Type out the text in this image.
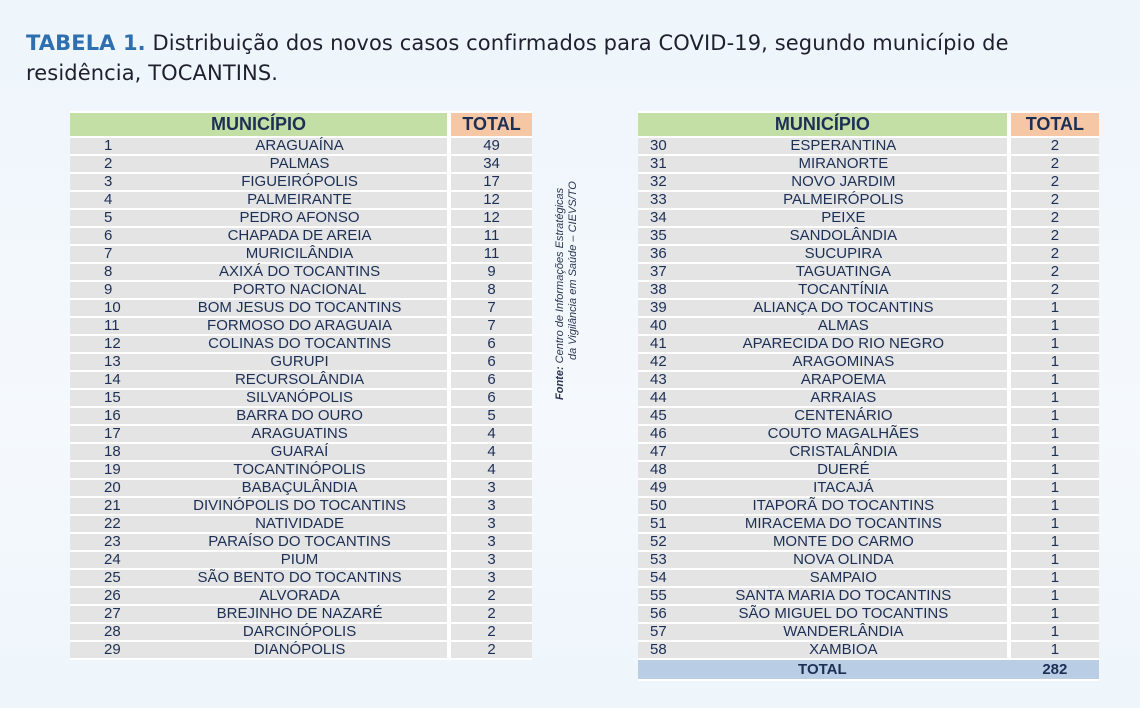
TABELA 1. Distribuição dos novos casos confirmados para COVID-19, segundo município de residência, TOCANTINS.
MUNICÍPIO			TOTAL
1	ARAGUAÍNA		49
2	PALMAS		34
3	FIGUEIRÓPOLIS		17
4	PALMEIRANTE		12
5	PEDRO AFONSO		12
6	CHAPADA DE AREIA		11
7	MURICILÂNDIA		11
8	AXIXÁ DO TOCANTINS		9
9	PORTO NACIONAL		8
10	BOM JESUS DO TOCANTINS		7
11	FORMOSO DO ARAGUAIA		7
12	COLINAS DO TOCANTINS		6
13	GURUPI		6
14	RECURSOLÂNDIA		6
15	SILVANÓPOLIS		6
16	BARRA DO OURO		5
17	ARAGUATINS		4
18	GUARAÍ		4
19	TOCANTINÓPOLIS		4
20	BABAÇULÂNDIA		3
21	DIVINÓPOLIS DO TOCANTINS		3
22	NATIVIDADE		3
23	PARAÍSO DO TOCANTINS		3
24	PIUM		3
25	SÃO BENTO DO TOCANTINS		3
26	ALVORADA		2
27	BREJINHO DE NAZARÉ		2
28	DARCINÓPOLIS		2
29	DIANÓPOLIS		2
Fonte: Centro de Informações Estratégicas
da Vigilância em Saúde – CIEVS/TO
MUNICÍPIO			TOTAL
30	ESPERANTINA		2
31	MIRANORTE		2
32	NOVO JARDIM		2
33	PALMEIRÓPOLIS		2
34	PEIXE		2
35	SANDOLÂNDIA		2
36	SUCUPIRA		2
37	TAGUATINGA		2
38	TOCANTÍNIA		2
39	ALIANÇA DO TOCANTINS		1
40	ALMAS		1
41	APARECIDA DO RIO NEGRO		1
42	ARAGOMINAS		1
43	ARAPOEMA		1
44	ARRAIAS		1
45	CENTENÁRIO		1
46	COUTO MAGALHÃES		1
47	CRISTALÂNDIA		1
48	DUERÉ		1
49	ITACAJÁ		1
50	ITAPORÃ DO TOCANTINS		1
51	MIRACEMA DO TOCANTINS		1
52	MONTE DO CARMO		1
53	NOVA OLINDA		1
54	SAMPAIO		1
55	SANTA MARIA DO TOCANTINS		1
56	SÃO MIGUEL DO TOCANTINS		1
57	WANDERLÂNDIA		1
58	XAMBIOA		1
TOTAL			282
